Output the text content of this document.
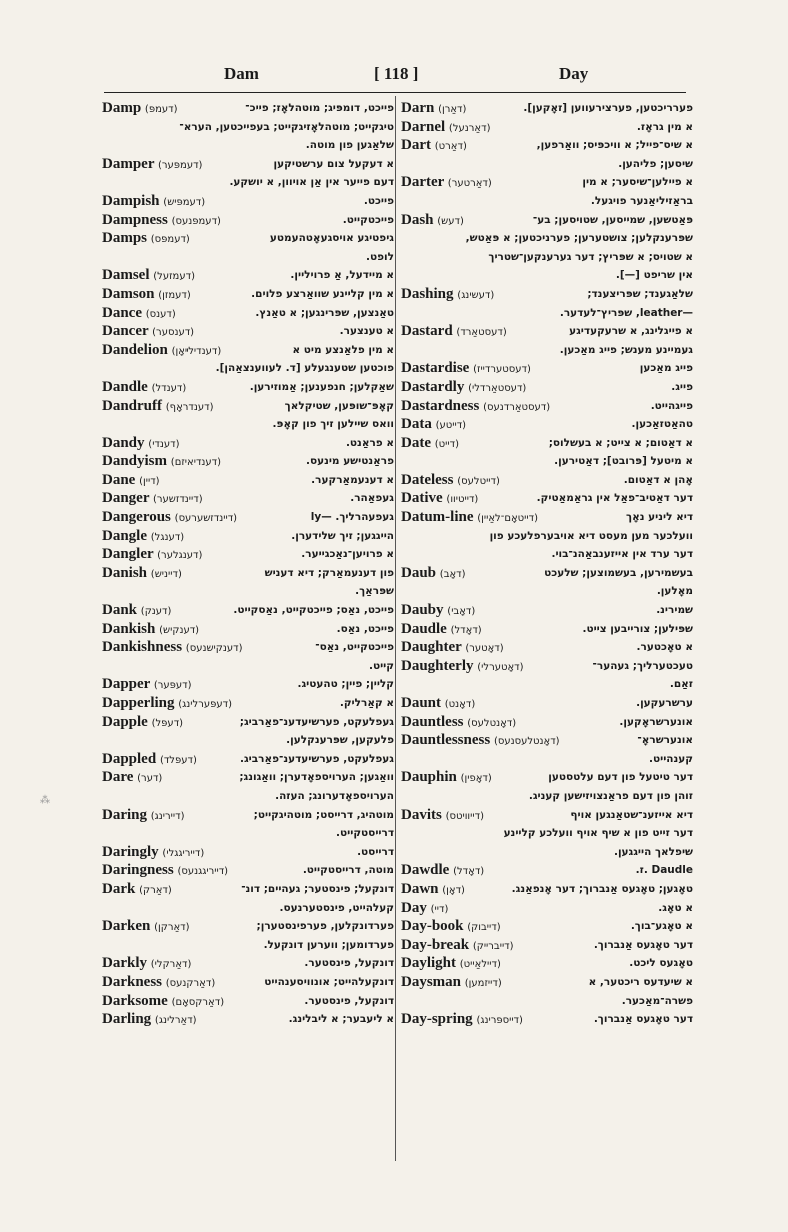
Dam	[ 118 ]	Day
Damp (דעמפּ)	פייכט, דומפּיג; מוטהלאָז; פייכ־
טיגקייט; מוטהלאָזיגקייט; בעפייכטען, הערא־
שלאַגען פון מוטה.
Damper (דעמפּער)	א דעקעל צום ערשטיקען
דעם פייער אין אַן אויוון, א יושקע.
Dampish (דעמפּיש)	פייכט.
Dampness (דעמפּנעס)	פייכטקייט.
Damps (דעמפּס)	גיפטיגע אויסגעאָטהעמטע
לופט.
Damsel (דעמזעל)	א מיידעל, אַ פרויליין.
Damson (דעמזן)	א מין קליינע שוואַרצע פלוים.
Dance (דענס)	טאַנצען, שפּרינגען; א טאַנץ.
Dancer (דענסער)	א טענצער.
Dandelion (דענדילײאָן)	א מין פלאַנצע מיט א
פוכטען שטענגעלע [ד. לעווענצאַהן].
Dandle (דענדל)	שאַקלען; חנפענען; אַמוזירען.
Dandruff (דענדראָף)	קאָפּ־שופּען, שטיקלאך
וואס שיילען זיך פון קאָפּ.
Dandy (דענדי)	א פראַנט.
Dandyism (דענדיאיזם)	פראַנטישע מינעס.
Dane (דיין)	א דענעמאַרקער.
Danger (דיינדזשער)	געפאַהר.
Dangerous (דיינדזשערעס)	געפעהרליך. —ly
Dangle (דענגל)	הייגגען; זיך שלידערן.
Dangler (דענגלער)	א פרויען־נאַכגייער.
Danish (דייניש)	פון דענעמאַרק; דיא דעניש
שפּראַך.
Dank (דענק)	פייכט, נאַס; פייכטקייט, נאַסקייט.
Dankish (דענקיש)	פייכט, נאַס.
Dankishness (דענקישנעס)	פייכטקייט, נאַס־
קייט.
Dapper (דעפּער)	קליין; פיין; טהעטיג.
Dapperling (דעפּערלינג)	א קאַרליק.
Dapple (דעפּל)	געפלעקט, פערשיעדענ־פאַרביג;
פלעקען, שפּרענקלען.
Dappled (דעפּלד)	געפלעקט, פערשיעדענ־פאַרביג.
Dare (דער)	וואַגען; הערויספאָדערן; וואַגונג;
הערויספאָדערונג; העזה.
Daring (דיירינג)	מוטהיג, דרייסט; מוטהיגקייט;
דרייסטקייט.
Daringly (דייריגגלי)	דרייסט.
Daringness (דייריגגנעס)	מוטה, דרייסטקייט.
Dark (דאַרק)	דונקעל; פינסטער; געהיים; דונ־
קעלהייט, פינסטערנעס.
Darken (דאַרקן)	פערדונקלען, פערפינסטערן;
פערדומען; ווערען דונקעל.
Darkly (דאַרקלי)	דונקעל, פינסטער.
Darkness (דאַרקנעס)	דונקעלהייט; אונוויסענהייט
Darksome (דאַרקסאָם)	דונקעל, פינסטער.
Darling (דאַרלינג)	א ליעבער; א ליבלינג.
Darn (דאַרן)	פערריכטען, פערצירעווען [זאָקען].
Darnel (דאַרנעל)	א מין גראָז.
Dart (דאַרט)	א שיס־פייל; א וויכפּיס; וואַרפען,
שיסען; פליהען.
Darter (דאַרטער)	א פיילען־שיסער; א מין
בראַזיליאַנער פויגעל.
Dash (דעש)	פּאַטשען, שמייסען, שטויסען; בע־
שפּרענקלען; צושטערען; פערניכטען; א פּאַטש,
א שטויס; א שפּריץ; דער גערענקען־שטריך
אין שריפט [—].
Dashing (דעשינג)	שלאַגענד; שפּריצענד;
—leather, שפּריץ־לעדער.
Dastard (דעסטאַרד)	א פייגלינג, א שרעקעדיגע
געמיינע מענש; פייג מאַכען.
Dastardise (דעסטערדייז)	פייג מאַכען
Dastardly (דעסטאַרדלי)	פייג.
Dastardness (דעסטאַרדנעס)	פייגהייט.
Data (דייטע)	טהאַטזאַכען.
Date (דייט)	א דאַטום; א צייט; א בעשלוס;
א מיטעל [פּרובט]; דאַטירען.
Dateless (דייטלעס)	אָהן א דאַטום.
Dative (דייטיוו)	דער דאַטיב־פאַל אין גראַמאַטיק.
Datum-line (דייטאָם־לאַיין)	דיא ליניע נאָך
וועלכער מען מעסט דיא אויבערפלעכע פון
דער ערד אין אייזענבאַהנ־בוי.
Daub (דאָב)	בעשמירען, בעשמוצען; שלעכט
מאָלען.
Dauby (דאָבי)	שמירינ.
Daudle (דאָדל)	שפּילען; צורייבען צייט.
Daughter (דאָטער)	א טאָכטער.
Daughterly (דאָטערלי)	טעכטערליך; געהער־
זאַם.
Daunt (דאָנט)	ערשרעקען.
Dauntless (דאָנטלעס)	אונערשראָקען.
Dauntlessness (דאָנטלעסנעס)	אונערשראָ־
קענהייט.
Dauphin (דאָפין)	דער טיטעל פון דעם עלטסטען
זוהן פון דעם פראַנצויזישען קעניג.
Davits (דייוויטס)	דיא אייזענ־שטאַנגען אויף
דער זייט פון א שיף אויף וועלכע קליינע
שיפלאך הייגגען.
Dawdle (דאָדל)	Daudle .ז.
Dawn (דאָן)	טאָגען; טאָגעס אַנברוך; דער אָנפאַנג.
Day (דיי)	א טאָג.
Day-book (דייבוק)	א טאָגע־בוך.
Day-break (דייברייק)	דער טאָגעס אַנברוך.
Daylight (דיילאַייט)	טאָגעס ליכט.
Daysman (דייזמען)	א שיעדעס ריכטער, א
פשרה־מאַכער.
Day-spring (דייספּרינג)	דער טאָגעס אַנברוך.
⁂
